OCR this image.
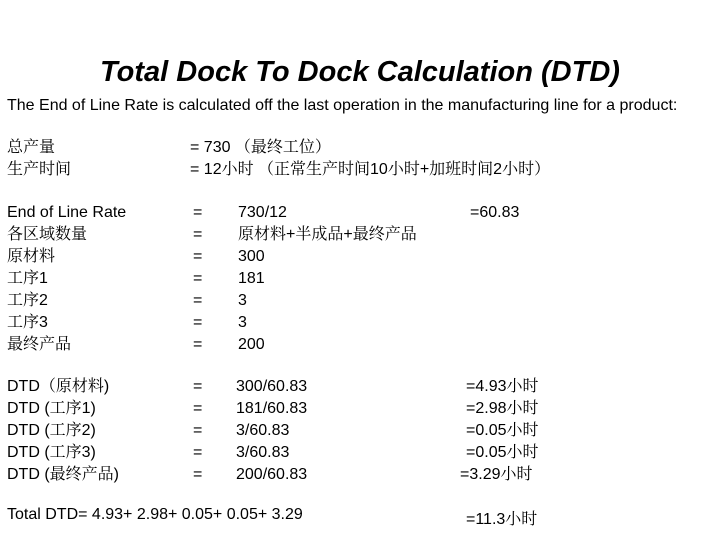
Total Dock To Dock Calculation (DTD)
The End of Line Rate is calculated off the last operation in the manufacturing line for a product:
总产量	= 730 （最终工位）
生产时间	= 12小时 （正常生产时间10小时+加班时间2小时）
End of Line Rate	= 730/12	=60.83
各区域数量	= 原材料+半成品+最终产品
原材料	= 300
工序1	= 181
工序2	= 3
工序3	= 3
最终产品	= 200
DTD（原材料)	= 300/60.83	=4.93小时
DTD (工序1)	= 181/60.83	=2.98小时
DTD (工序2)	= 3/60.83	=0.05小时
DTD (工序3)	= 3/60.83	=0.05小时
DTD (最终产品)	= 200/60.83	=3.29小时
Total DTD= 4.93+ 2.98+ 0.05+ 0.05+ 3.29	=11.3小时
